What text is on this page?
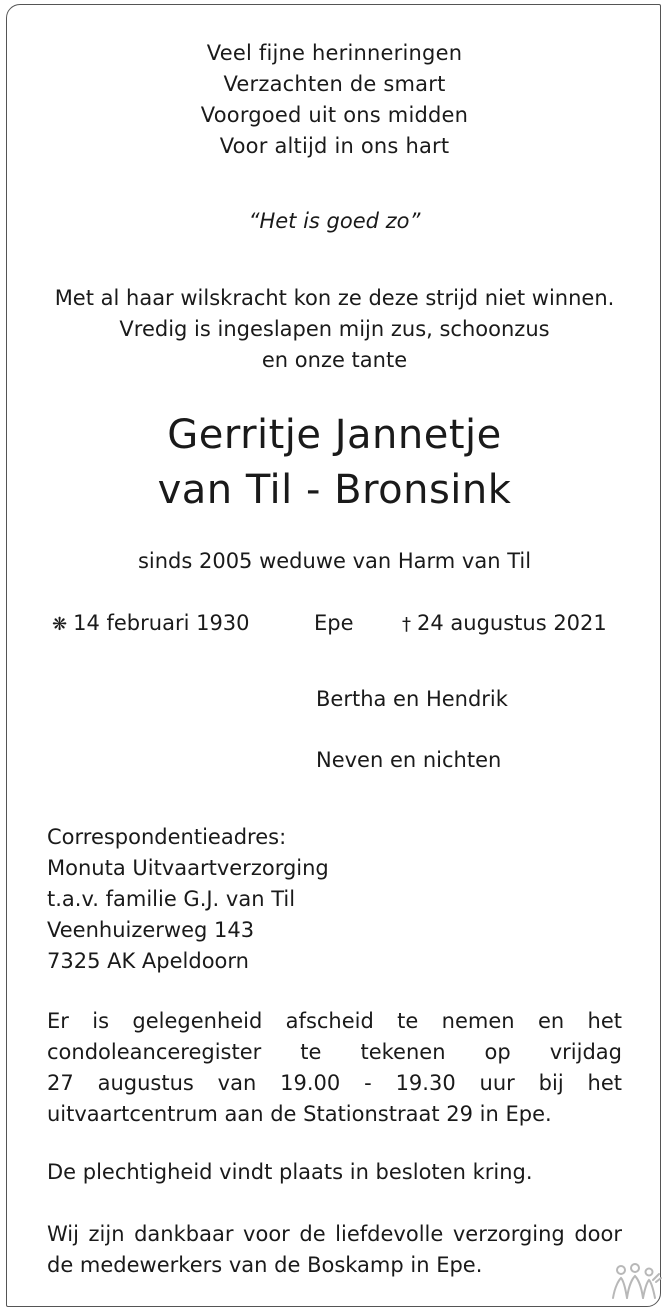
Veel fijne herinneringen
Verzachten de smart
Voorgoed uit ons midden
Voor altijd in ons hart
“Het is goed zo”
Met al haar wilskracht kon ze deze strijd niet winnen.
Vredig is ingeslapen mijn zus, schoonzus
en onze tante
Gerritje Jannetje
van Til - Bronsink
sinds 2005 weduwe van Harm van Til
❋ 14 februari 1930	Epe	† 24 augustus 2021
Bertha en Hendrik
Neven en nichten
Correspondentieadres:
Monuta Uitvaartverzorging
t.a.v. familie G.J. van Til
Veenhuizerweg 143
7325 AK Apeldoorn
Er is gelegenheid afscheid te nemen en het
condoleanceregister te tekenen op vrijdag
27 augustus van 19.00 - 19.30 uur bij het
uitvaartcentrum aan de Stationstraat 29 in Epe.
De plechtigheid vindt plaats in besloten kring.
Wij zijn dankbaar voor de liefdevolle verzorging door
de medewerkers van de Boskamp in Epe.
